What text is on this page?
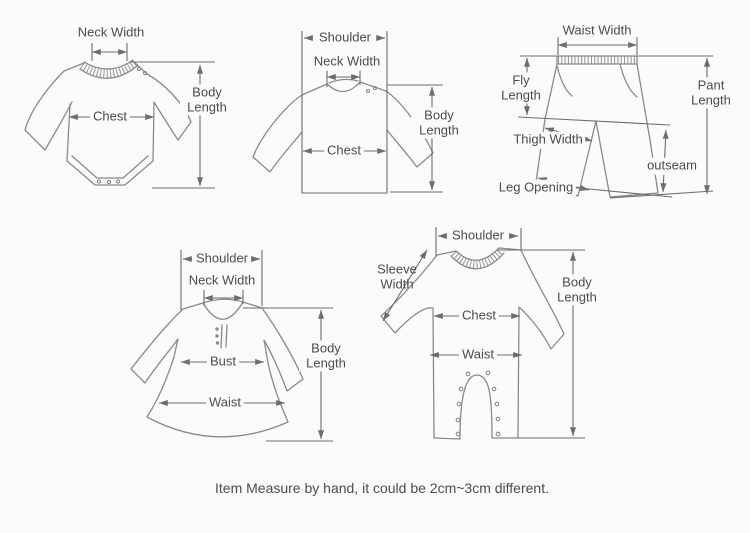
Neck Width
Chest
Body Length
Shoulder
Neck Width
Chest
Body Length
Waist Width
Fly Length
Pant Length
Thigh Width
outseam
Leg Opening
Shoulder
Neck Width
Bust
Waist
Body Length
Shoulder
Sleeve Width
Chest
Waist
Body Length
Item Measure by hand, it could be 2cm~3cm different.
